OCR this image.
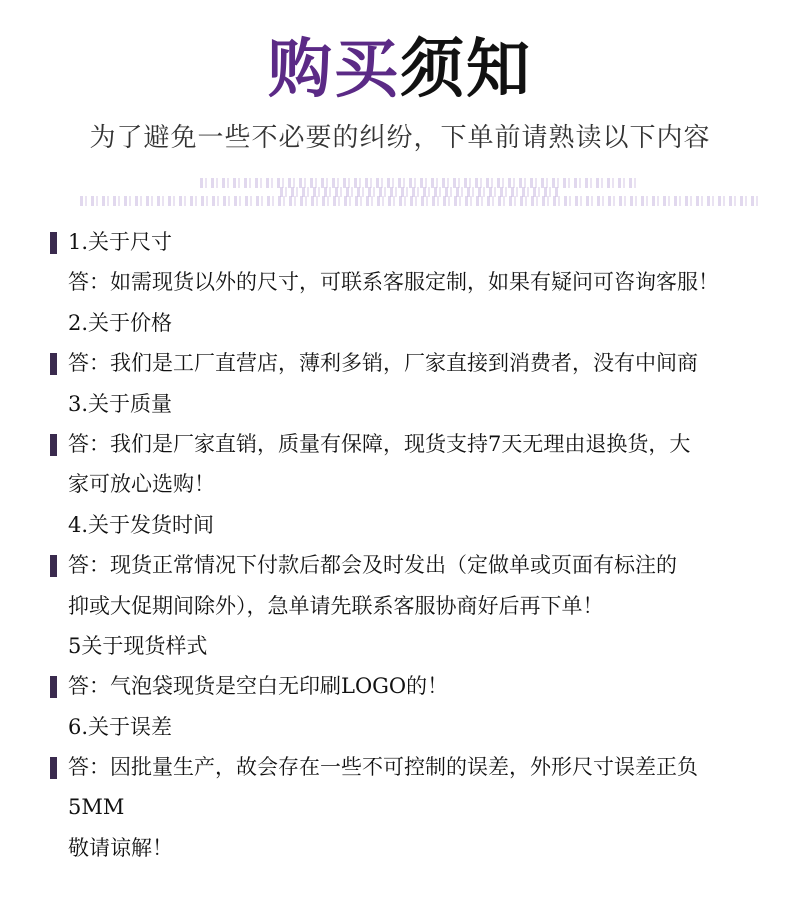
购买须知
为了避免一些不必要的纠纷，下单前请熟读以下内容
1.关于尺寸
答：如需现货以外的尺寸，可联系客服定制，如果有疑问可咨询客服！
2.关于价格
答：我们是工厂直营店，薄利多销，厂家直接到消费者，没有中间商
3.关于质量
答：我们是厂家直销，质量有保障，现货支持7天无理由退换货，大
家可放心选购！
4.关于发货时间
答：现货正常情况下付款后都会及时发出（定做单或页面有标注的
抑或大促期间除外），急单请先联系客服协商好后再下单！
5关于现货样式
答：气泡袋现货是空白无印刷LOGO的！
6.关于误差
答：因批量生产，故会存在一些不可控制的误差，外形尺寸误差正负
5MM
敬请谅解！
